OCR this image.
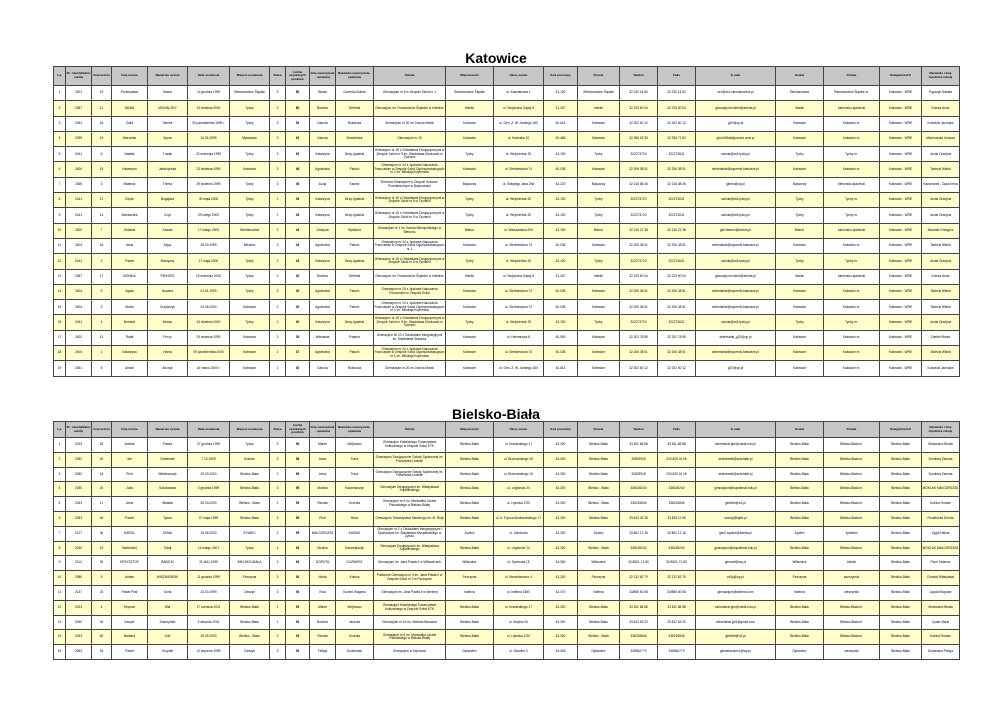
Katowice
L.p.	ID - identyfikator szkoły	Kod ucznia	Imię ucznia	Nazwisko ucznia	Data urodzenia	Miejsce urodzenia	Klasa	Liczba uzyskanych punktów	Imię nauczyciela - opiekuna	Nazwisko nauczyciela - opiekuna	Szkoła	Miejscowość	Ulica, numer	Kod pocztowy	Poczta	Telefon	Faks	E-mail	Gmina	Powiat	Delegatura KO	Nazwisko i imię dyrektora szkoły
1	2401	19	Przemysław	Mazur	14 grudnia 1999	Siemianowice Śląskie	3	80	Beata	Gorecka-Sobka	Gimnazjum nr 5 w Zespole Szkół nr 1	Siemianowice Śląskie	ul. Kasztanowa 1	41-100	Siemianowice Śląskie	32 220 14 80	32 220 14 82	zs1@zs1.siemianowice.pl	Siemianowice	Siemianowice Śląskie m.	Katowice - WRE	Pępczyk Natalia
2	2367	11	ADAM	MICHALSKY	13 kwietnia 2000	Tychy	2	80	Bożena	Zieliński	Gimnazjum im. Powstańców Śląskich w Imielinie	Imielin	ul. Wojciecha Gajdy 8	41-407	Imielin	32 225 60 04	32 225 60 04	gimnazjum.imielin@interia.pl	Imielin	bieruńsko-lędziński	Katowice - WRE	Kubica Anna
3	2451	16	Zofia	Sienek	30 października 1999 r.	Tychy	3	54	Danuta	Rostocka	Gimnazjum nr 20 im. Karola Miarki	Katowice	ul. Gen. Z. W. Jankego 160	40-614	Katowice	32 202 60 12	32 202 60 12	g20@op.pl	Katowice	Katowice m.	Katowice - WRE	Kownicki Jarosław
4	2395	19	Weronika	Spyra	14.06.1999	Mysłowice	3	61	Danuta	Brudzińska	Gimnazjum nr 15	Katowice	ul. Kartuska 10	40-486	Katowice	32 256 03 35	32 255 71 80	gimn15kat@poczta.onet.pl	Katowice	Katowice m.	Katowice - WRE	Machowska Urszula
5	2441	6	Natalia	Tusiak	22 września 1999	Tychy	3	62	Katarzyna	Decy-Ignatiuk	Gimnazjum nr 15 z Oddziałami Dwujęzycznymi w Zespole Szkół nr 5 im. Stanisława Moniuszki w Tychach	Tychy	ul. Wejchertów 20	43-100	Tychy	322273720	322273631	szkola@zs5.tychy.pl	Tychy	Tychy m.	Katowice - WRE	Juzak Grażyna
6	2404	15	Katarzyna	Jabłczyńska	23 kwietnia 1999	Katowice	3	46	Agnieszka	Paluch	Gimnazjum nr 24 z Jęzkowe Nauczania Francuskim w Zespole Szkół Ogólnokształcących nr 1 im. Mikołaja Kopernika	Katowice	ul. Sienkiewicza 74	40-038	Katowice	32 206 38 51	32 206 38 51	sekretariat@kopernik.katowice.pl	Katowice	Katowice m.	Katowice - WRE	Tarlecki Witold
7	2365	3	Mateusz	Thiesz	29 kwietnia 1999	Tychy	3	45	Łucja	Kachel	Zbiorcza Gimnazjum w Zespole Szkolno-Przedszkolnym w Bojszowach	Bojszowy	ul. Świętego Jana 29a	43-220	Bojszowy	32 218 88 45	32 218 88 45	gimbo@op.pl	Bojszowy	bieruńsko-lędziński	Katowice - WRE	Kaczmarek - Dąsa Irena
8	2441	12	Edyta	Bugajska	30 maja 2000	Tychy	2	45	Katarzyna	Decy-Ignatiuk	Gimnazjum nr 15 z Oddziałami Dwujęzycznymi w Zespole Szkół nr 5 w Tychach	Tychy	ul. Wejchertów 20	43-100	Tychy	322273720	322273631	szkola@zs5.tychy.pl	Tychy	Tychy m.	Katowice - WRE	Juzak Grażyna
9	2441	14	Aleksandra	Czyż	09 lutego 2000	Tychy	2	45	Katarzyna	Decy-Ignatiuk	Gimnazjum nr 15 z Oddziałami Dwujęzycznymi w Zespole Szkół nr 5 w Tychach	Tychy	ul. Wejchertów 20	43-100	Tychy	322273720	322273631	szkola@zs5.tychy.pl	Tychy	Tychy m.	Katowice - WRE	Juzak Grażyna
10	2302	7	Oktawia	Kazala	17 lutego 2000	Siemianowice	2	44	Grażyna	Wybidurt	Gimnazjum nr 1 im. Karola Wielopolskiego w Bieruniu	Bieruń	ul. Warszawska 294	43-150	Bieruń	32 216 21 38	32 216 21 38	gim1bierun@interia.pl	Bieruń	bieruńsko-lędziński	Katowice - WRE	Bzowski Grzegorz
11	2404	16	Anna	Zając	28.03.1999	Mikołów	3	44	Agnieszka	Paluch	Gimnazjum nr 24 z Jęzkowe Nauczania Francuskim w Zespole Szkół Ogólnokształcących nr 1	Katowice	ul. Sienkiewicza 74	40-038	Katowice	32 206 38 51	32 206 38 51	sekretariat@kopernik.katowice.pl	Katowice	Katowice m.	Katowice - WRE	Tarlecki Witold
12	2441	2	Paweł	Boczęzny	17 maja 2000	Tychy	2	43	Katarzyna	Decy-Ignatiuk	Gimnazjum nr 15 z Oddziałami Dwujęzycznymi w Zespole Szkół nr 5 w Tychach	Tychy	ul. Wejchertów 20	43-100	Tychy	322273720	322273631	szkola@zs5.tychy.pl	Tychy	Tychy m.	Katowice - WRE	Juzak Grażyna
13	2367	17	MONIKA	PIEKORZ	15 września 2000	Tychy	2	40	Bożena	Zieliński	Gimnazjum im. Powstańców Śląskich w Imielinie	Imielin	ul. Wojciecha Gajdy 8	41-407	Imielin	32 225 60 04	32 225 60 04	gimnazjum.imielin@interia.pl	Imielin	bieruńsko-lędziński	Katowice - WRE	Kubica Anna
14	2404	9	Agata	Nowara	01.01.1999	Tychy	3	40	Agnieszka	Paluch	Gimnazjum nr 24 z Jęzkowe Nauczania Francuskim w Zespole Szkół	Katowice	ul. Sienkiewicza 74	40-038	Katowice	32 206 38 51	32 206 38 51	sekretariat@kopernik.katowice.pl	Katowice	Katowice m.	Katowice - WRE	Tarlecki Witold
15	2404	3	Marta	Grzybczyk	24.08.2000	Katowice	2	40	Agnieszka	Paluch	Gimnazjum nr 24 z Jęzkowe Nauczania Francuskim w Zespole Szkół Ogólnokształcących nr 1 im. Mikołaja Kopernika	Katowice	ul. Sienkiewicza 74	40-038	Katowice	32 206 38 51	32 206 38 51	sekretariat@kopernik.katowice.pl	Katowice	Katowice m.	Katowice - WRE	Tarlecki Witold
16	2441	4	Bernard	Mosko	23 kwietnia 2000	Tychy	2	40	Katarzyna	Decy-Ignatiuk	Gimnazjum nr 15 z Oddziałami Dwujęzycznymi w Zespole Szkół nr 5 im. Stanisława Moniuszki w Tychach	Tychy	ul. Wejchertów 20	43-100	Tychy	322273720	322273631	szkola@zs5.tychy.pl	Tychy	Tychy m.	Katowice - WRE	Juzak Grażyna
17	2402	13	Rafał	Purcy	29 kwietnia 1999	Katowice	3	39	Wiesława	Pajerka	Gimnazjum Nr 22 z Oddziałami Integracyjnymi im. Stanisława Staszica	Katowice	ul. Helmańska 8	40-590	Katowice	32 202 78 85	32 202 78 85	sekretariat_g22@op.pl	Katowice	Katowice m.	Katowice - WRE	Zdebel Marek
18	2404	1	Katarzyna	Hama	09 października 2000	Katowice	2	37	Agnieszka	Paluch	Gimnazjum nr 24 z Jęzkowe Nauczania Francuskim w Zespole Szkół Ogólnokształcących nr 1 im. Mikołaja Kopernika	Katowice	ul. Sienkiewicza 74	40-038	Katowice	32 206 38 51	32 206 38 51	sekretariat@kopernik.katowice.pl	Katowice	Katowice m.	Katowice - WRE	Tarlecki Witold
19	2451	8	Antoni	Anczyk	16 marca 2000 r.	Katowice	2	30	Danuta	Rostocka	Gimnazjum nr 20 im. Karola Miarki	Katowice	ul. Gen. Z. W. Jankego 160	40-614	Katowice	32 202 60 12	32 202 60 12	g20@op.pl	Katowice	Katowice m.	Katowice - WRE	Kownicki Jarosław
Bielsko-Biała
L.p.	ID - identyfikator szkoły	Kod ucznia	Imię ucznia	Nazwisko ucznia	Data urodzenia	Miejsce urodzenia	Klasa	Liczba uzyskanych punktów	Imię nauczyciela - opiekuna	Nazwisko nauczyciela - opiekuna	Szkoła	Miejscowość	Ulica, numer	Kod pocztowy	Poczta	Telefon	Faks	E-mail	Gmina	Powiat	Delegatura KO	Nazwisko i imię dyrektora szkoły
1	2023	26	Amelia	Pasda	27 grudnia 1999	Tychy	3	96	Marek	Wójtowicz	Gimnazjum Katolickiego Towarzystwa Kulturalnego w Zespole Szkół KTK	Bielsko-Biała	ul. Krasińskiego 17	43-300	Bielsko-Biała	33 811 68 88	33 811 68 88	sekretariat.gim@zsktk.edu.pl	Bielsko-Biała	Bielsko-Biała m.	Bielsko-Biała	Markowicz Beata
2	2052	40	Jan	Godlewski	7.12.1999	Kraków	3	96	Anna	Tracz	Gimnazjum Dwujęzyczne Szkoły Społecznej im. Franciszka Ledwiel	Bielsko-Biała	ul. Bronowskiego 15	43-300	Bielsko-Biała	33829928	033 829 24 06	sekretariat@szkolabb.pl	Bielsko-Biała	Bielsko-Biała m.	Bielsko-Biała	Dorniacy Danuta
3	2052	16	Piotr	Wiśniewczyk	29.03.2000	Bielsko-Biała	2	96	Anna	Tracz	Gimnazjum Dwujęzyczne Szkoły Społecznej im. Franciszka Ledwiel	Bielsko-Biała	ul. Bronowskiego 15	43-300	Bielsko-Biała	33829928	033 829 24 06	sekretariat@szkolabb.pl	Bielsko-Biała	Bielsko-Biała m.	Bielsko-Biała	Dorniacy Danuta
4	2030	20	Julia	Sokołowska	3 grudnia 1999	Bielsko-Biała	3	95	Monika	Kaczmarczyk	Gimnazjum Dwujęzyczne im. Władysława Kopalińskiego	Bielsko-Biała	ul. Legionów 24	43-300	Bielsko - Biała	338165240	338165240	gimnazjum@kopalinski.edu.pl	Bielsko-Biała	Bielsko-Biała m.	Bielsko-Biała	MOKLAK MAŁGORZATA
5	2043	11	Anna	Wiatrak	05.03.2000	Bielsko - Biała	2	95	Renata	Kroenia	Gimnazjum nr 6 im. Marszałka Józefa Piłsudskiego w Bielsku-Białej	Bielsko-Biała	ul. Lipnicka 2/20	43-300	Bielsko - Biała	338216846	338216846	gim6bb@o2.pl	Bielsko-Biała	Bielsko-Biała m.	Bielsko-Biała	Kubica Roman
6	2051	46	Paweł	Tymia	07 maja 1999	Bielsko-Biała	3	95	Piotr	Bora	Gimnazjum Towarzystwa Szkolnego im. M. Reja	Bielsko-Biała	ul. A. Frycza Modrzewskiego 17	43-300	Bielsko-Biała	33 812 42 36	33 815 11 55	szkoly@tsjbb.pl	Bielsko-Biała	Bielsko-Biała m.	Bielsko-Biała	Fesdeńska Dorota
7	2127	36	KAROL	SOWA	15.06.2000	ŻYWIEC	2	95	MAŁGORZATA	KUSIAK	Gimnazjum nr 2 z Oddziałami Integracyjnymi i Sportowymi im. Stanisława Wyspiańskiego w Żywcu	Żywiec	ul. Zamkowa	34-300	Żywiec	33 861 12 16	33 861 12 16	gim2.zywiec@interia.pl	Żywiec	żywiecki	Bielsko-Biała	Zygdi Halina
8	2030	19	Bartłomiej	Tokaj	14 lutego 2001	Tychy	1	94	Monika	Kaczmarczyk	Gimnazjum Dwujęzyczne im. Władysława Kopalińskiego	Bielsko-Biała	ul. Legionów 24	43-300	Bielsko - Biała	338165240	338165240	gimnazjum@kopalinski.edu.pl	Bielsko-Biała	Bielsko-Biała m.	Bielsko-Biała	MOKLAK MAŁGORZATA
9	2114	26	KRZYSZTOF	BABICKI	31 MAJ 1999	BIELSKO-BIAŁA	3	94	DOROTA	KUŹNIERZ	Gimnazjum im. Jana Pawła II w Wilkowicach	Wilkowice	ul. Sportowa 15	34-360	Wilkowice	33 8501-71-80	33 8501-71-80	gimnwil@wp.pl	Wilkowice	bielski	Bielsko-Biała	Pach Tadeusz
10	2080	5	Adrian	WISZNIEWSKI	11 grudnia 1999	Pszczyna	3	94	Maria	Kubica	Publiczne Gimnazjum nr 3 im. Jana Pawła II w Zespole Szkół nr 3 w Pszczynie	Pszczyna	ul. Marcinkiewicz 4	43-200	Pszczyna	32 212 82 79	32 212 82 79	zs3p@op.pl	Pszczyna	pszczyński	Bielsko-Biała	Chrobot Władysław
11	2137	23	Paweł Piotr	Gorla	23.03.1999	Cieszyn	3	94	Ewa	Kozień-Wagzna	Gimnazjum im. Jana Pawła II w Istebnej	Istebna	ul. Istebna 1580	43-470	Istebna	33/855 60 58	33/855 60 58	gimnazjum@istebna.com	Istebna	cieszyński	Bielsko-Biała	Ligocki Bogdan
12	2023	4	Szymon	Wal	17 czerwca 2001	Bielsko-Biała	1	93	Marek	Wójtowicz	Gimnazjum Katolickiego Towarzystwa Kulturalnego w Zespole Szkół KTK	Bielsko-Biała	ul. Krasińskiego 17	43-300	Bielsko-Biała	33 811 68 88	33 811 68 88	sekretariat.gim@zsktk.edu.pl	Bielsko-Biała	Bielsko-Biała m.	Bielsko-Biała	Markowicz Beata
13	2040	26	Kacper	Dobrzyński	5 sierpnia 2001	Bielsko-Biała	1	93	Bożena	Jarecka	Gimnazjum nr 16 im. Stefana Banacha	Bielsko-Biała	ul. Akrylna 30	43-300	Bielsko-Biała	33 812 63 20	33 812 63 20	sekretariat.g16@gmail.com	Bielsko-Biała	Bielsko-Biała m.	Bielsko-Biała	Cyran Maria
14	2043	60	Barbara	Kott	26.05.2000	Bielsko - Biała	2	93	Renata	Kroenia	Gimnazjum nr 6 im. Marszałka Józefa Piłsudskiego w Bielsku-Białej	Bielsko-Biała	ul. Lipnicka 2/20	43-300	Bielsko - Biała	338216846	338216846	gim6bb@o2.pl	Bielsko-Biała	Bielsko-Biała m.	Bielsko-Biała	Kubica Roman
15	2063	34	Paweł	Groplek	12 stycznia 1999	Cieszyn	3	93	Felicja	Dudzińska	Gimnazjum w Dębowcu	Dębowiec	ul. Szkolna 3	43-426	Dębowiec	338562779	338562779	gimdebowiec1@wp.pl	Dębowiec	cieszyński	Bielsko-Biała	Dudzińska Felicja
